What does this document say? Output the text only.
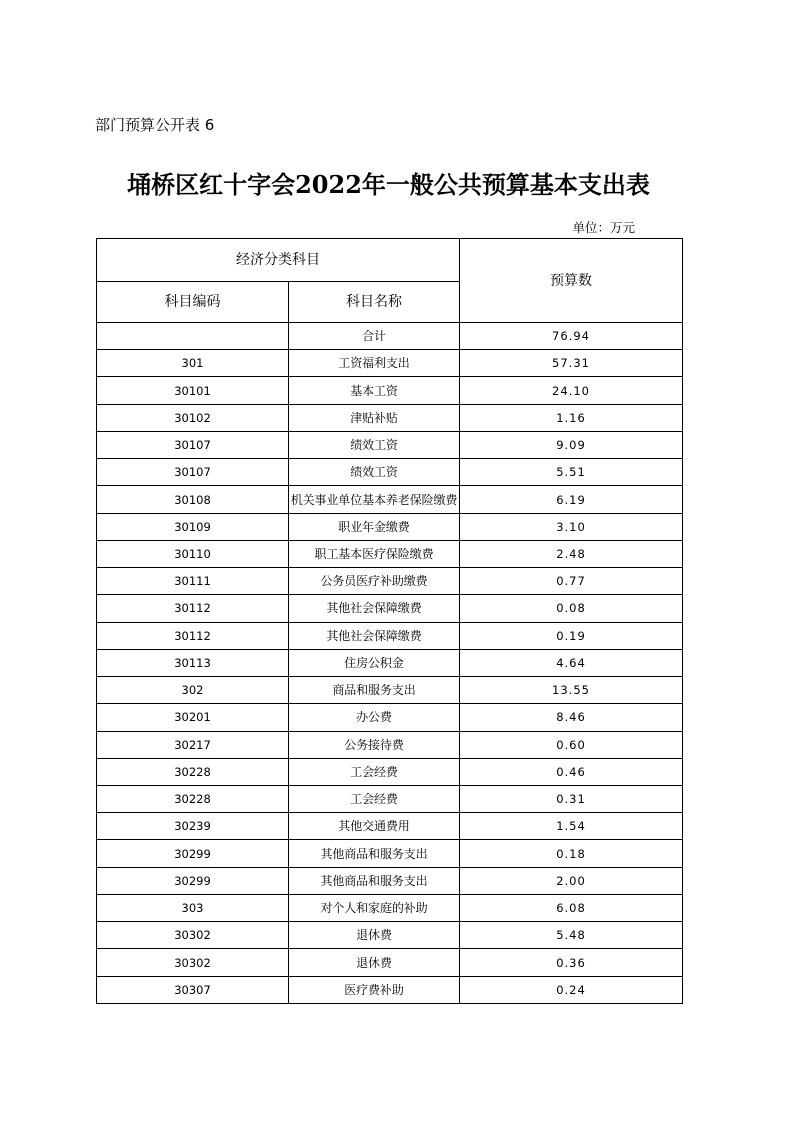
部门预算公开表 6
埇桥区红十字会2022年一般公共预算基本支出表
单位：万元
经济分类科目		预算数
科目编码	科目名称	
	合计	76.94
301	工资福利支出	57.31
30101	基本工资	24.10
30102	津贴补贴	1.16
30107	绩效工资	9.09
30107	绩效工资	5.51
30108	机关事业单位基本养老保险缴费	6.19
30109	职业年金缴费	3.10
30110	职工基本医疗保险缴费	2.48
30111	公务员医疗补助缴费	0.77
30112	其他社会保障缴费	0.08
30112	其他社会保障缴费	0.19
30113	住房公积金	4.64
302	商品和服务支出	13.55
30201	办公费	8.46
30217	公务接待费	0.60
30228	工会经费	0.46
30228	工会经费	0.31
30239	其他交通费用	1.54
30299	其他商品和服务支出	0.18
30299	其他商品和服务支出	2.00
303	对个人和家庭的补助	6.08
30302	退休费	5.48
30302	退休费	0.36
30307	医疗费补助	0.24
